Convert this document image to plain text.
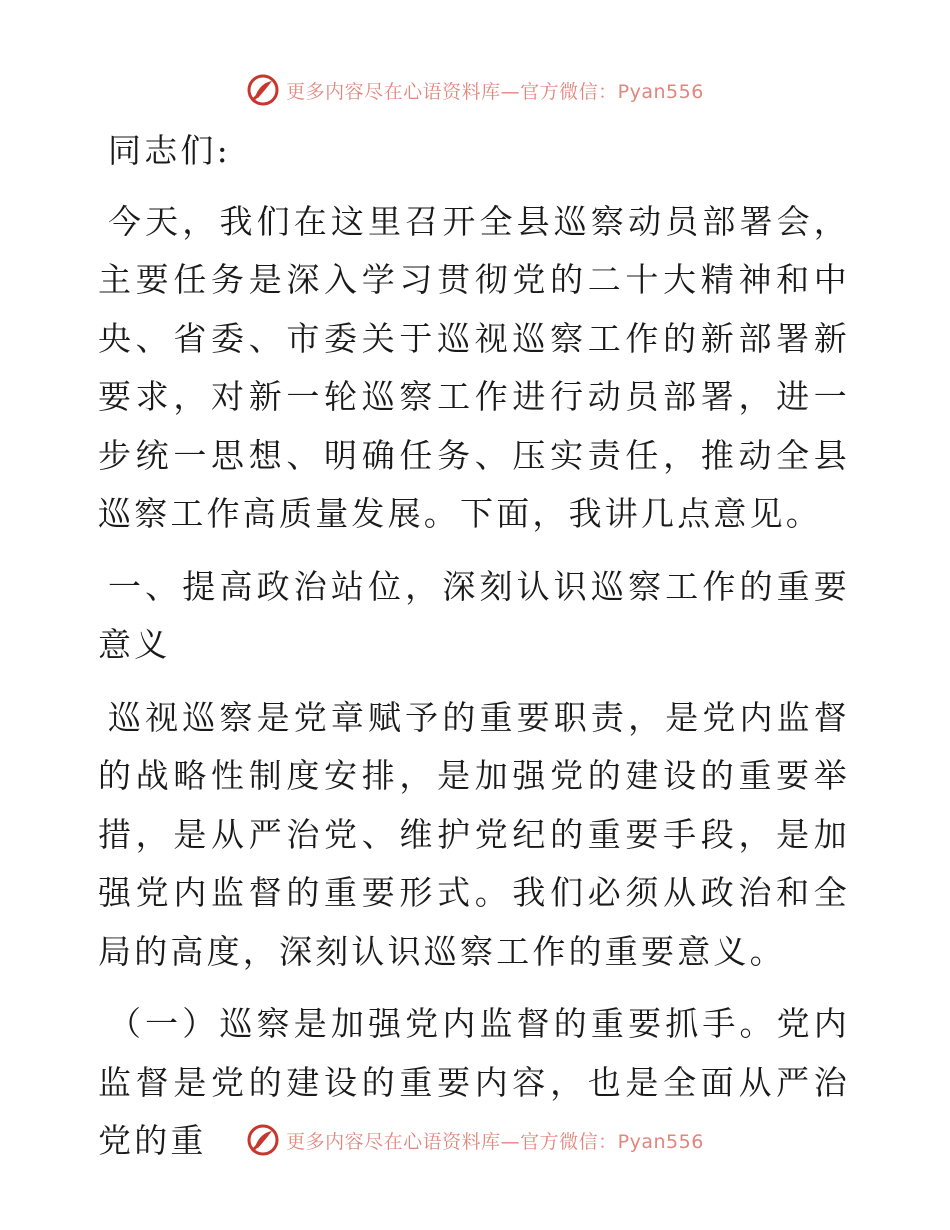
更多内容尽在心语资料库—官方微信：Pyan556

同志们:

今天，我们在这里召开全县巡察动员部署会，主要任务是深入学习贯彻党的二十大精神和中央、省委、市委关于巡视巡察工作的新部署新要求，对新一轮巡察工作进行动员部署，进一步统一思想、明确任务、压实责任，推动全县巡察工作高质量发展。下面，我讲几点意见。

一、提高政治站位，深刻认识巡察工作的重要意义

巡视巡察是党章赋予的重要职责，是党内监督的战略性制度安排，是加强党的建设的重要举措，是从严治党、维护党纪的重要手段，是加强党内监督的重要形式。我们必须从政治和全局的高度，深刻认识巡察工作的重要意义。

（一）巡察是加强党内监督的重要抓手。党内监督是党的建设的重要内容，也是全面从严治党的重	更多内容尽在心语资料库—官方微信：Pyan556
